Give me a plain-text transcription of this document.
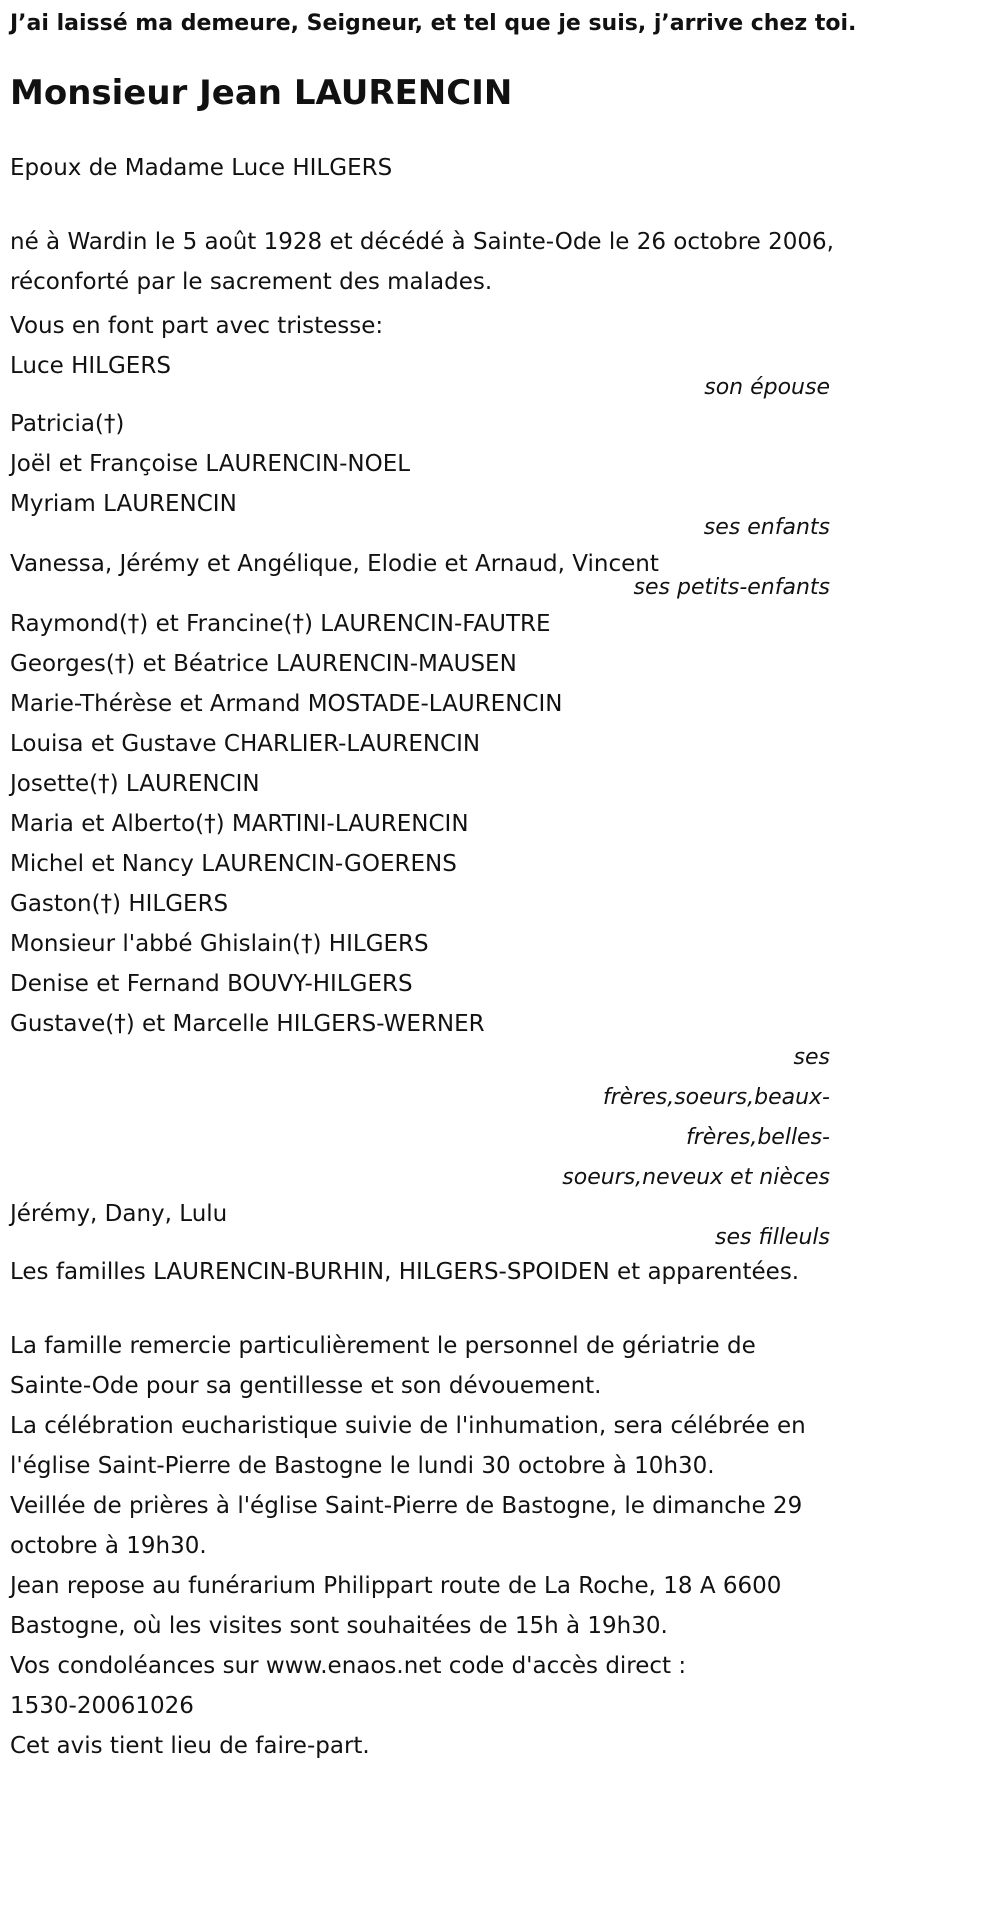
J’ai laissé ma demeure, Seigneur, et tel que je suis, j’arrive chez toi.

Monsieur Jean LAURENCIN

Epoux de Madame Luce HILGERS

né à Wardin le 5 août 1928 et décédé à Sainte-Ode le 26 octobre 2006,

réconforté par le sacrement des malades.

Vous en font part avec tristesse:

Luce HILGERS

son épouse

Patricia(†)

Joël et Françoise LAURENCIN-NOEL

Myriam LAURENCIN

ses enfants

Vanessa, Jérémy et Angélique, Elodie et Arnaud, Vincent

ses petits-enfants

Raymond(†) et Francine(†) LAURENCIN-FAUTRE

Georges(†) et Béatrice LAURENCIN-MAUSEN

Marie-Thérèse et Armand MOSTADE-LAURENCIN

Louisa et Gustave CHARLIER-LAURENCIN

Josette(†) LAURENCIN

Maria et Alberto(†) MARTINI-LAURENCIN

Michel et Nancy LAURENCIN-GOERENS

Gaston(†) HILGERS

Monsieur l'abbé Ghislain(†) HILGERS

Denise et Fernand BOUVY-HILGERS

Gustave(†) et Marcelle HILGERS-WERNER

ses frères,soeurs,beaux-frères,belles-soeurs,neveux et nièces

Jérémy, Dany, Lulu

ses filleuls

Les familles LAURENCIN-BURHIN, HILGERS-SPOIDEN et apparentées.

La famille remercie particulièrement le personnel de gériatrie de

Sainte-Ode pour sa gentillesse et son dévouement.

La célébration eucharistique suivie de l'inhumation, sera célébrée en

l'église Saint-Pierre de Bastogne le lundi 30 octobre à 10h30.

Veillée de prières à l'église Saint-Pierre de Bastogne, le dimanche 29

octobre à 19h30.

Jean repose au funérarium Philippart route de La Roche, 18 A 6600

Bastogne, où les visites sont souhaitées de 15h à 19h30.

Vos condoléances sur www.enaos.net code d'accès direct :

1530-20061026

Cet avis tient lieu de faire-part.
